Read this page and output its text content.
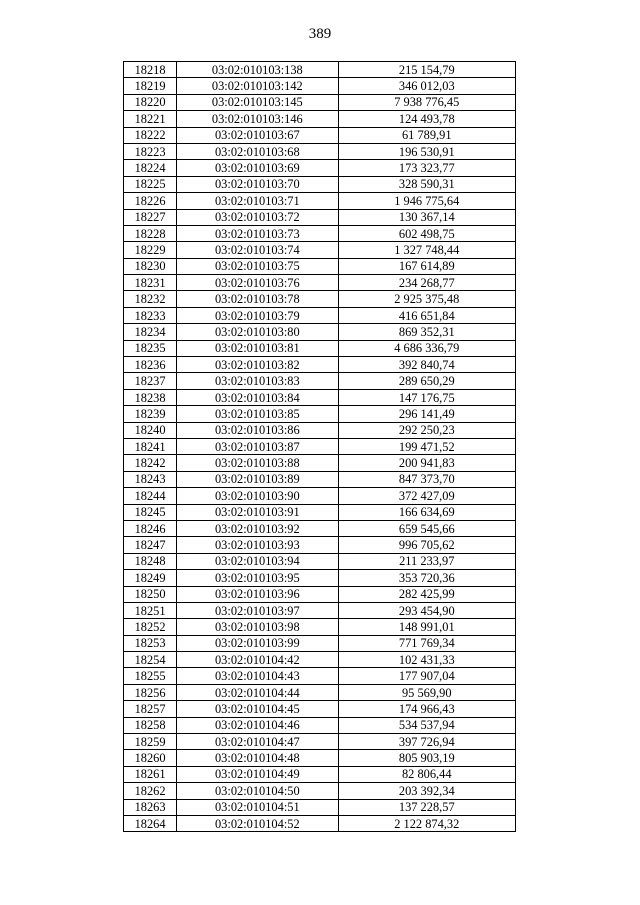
389
18218	03:02:010103:138	215 154,79
18219	03:02:010103:142	346 012,03
18220	03:02:010103:145	7 938 776,45
18221	03:02:010103:146	124 493,78
18222	03:02:010103:67	61 789,91
18223	03:02:010103:68	196 530,91
18224	03:02:010103:69	173 323,77
18225	03:02:010103:70	328 590,31
18226	03:02:010103:71	1 946 775,64
18227	03:02:010103:72	130 367,14
18228	03:02:010103:73	602 498,75
18229	03:02:010103:74	1 327 748,44
18230	03:02:010103:75	167 614,89
18231	03:02:010103:76	234 268,77
18232	03:02:010103:78	2 925 375,48
18233	03:02:010103:79	416 651,84
18234	03:02:010103:80	869 352,31
18235	03:02:010103:81	4 686 336,79
18236	03:02:010103:82	392 840,74
18237	03:02:010103:83	289 650,29
18238	03:02:010103:84	147 176,75
18239	03:02:010103:85	296 141,49
18240	03:02:010103:86	292 250,23
18241	03:02:010103:87	199 471,52
18242	03:02:010103:88	200 941,83
18243	03:02:010103:89	847 373,70
18244	03:02:010103:90	372 427,09
18245	03:02:010103:91	166 634,69
18246	03:02:010103:92	659 545,66
18247	03:02:010103:93	996 705,62
18248	03:02:010103:94	211 233,97
18249	03:02:010103:95	353 720,36
18250	03:02:010103:96	282 425,99
18251	03:02:010103:97	293 454,90
18252	03:02:010103:98	148 991,01
18253	03:02:010103:99	771 769,34
18254	03:02:010104:42	102 431,33
18255	03:02:010104:43	177 907,04
18256	03:02:010104:44	95 569,90
18257	03:02:010104:45	174 966,43
18258	03:02:010104:46	534 537,94
18259	03:02:010104:47	397 726,94
18260	03:02:010104:48	805 903,19
18261	03:02:010104:49	82 806,44
18262	03:02:010104:50	203 392,34
18263	03:02:010104:51	137 228,57
18264	03:02:010104:52	2 122 874,32
